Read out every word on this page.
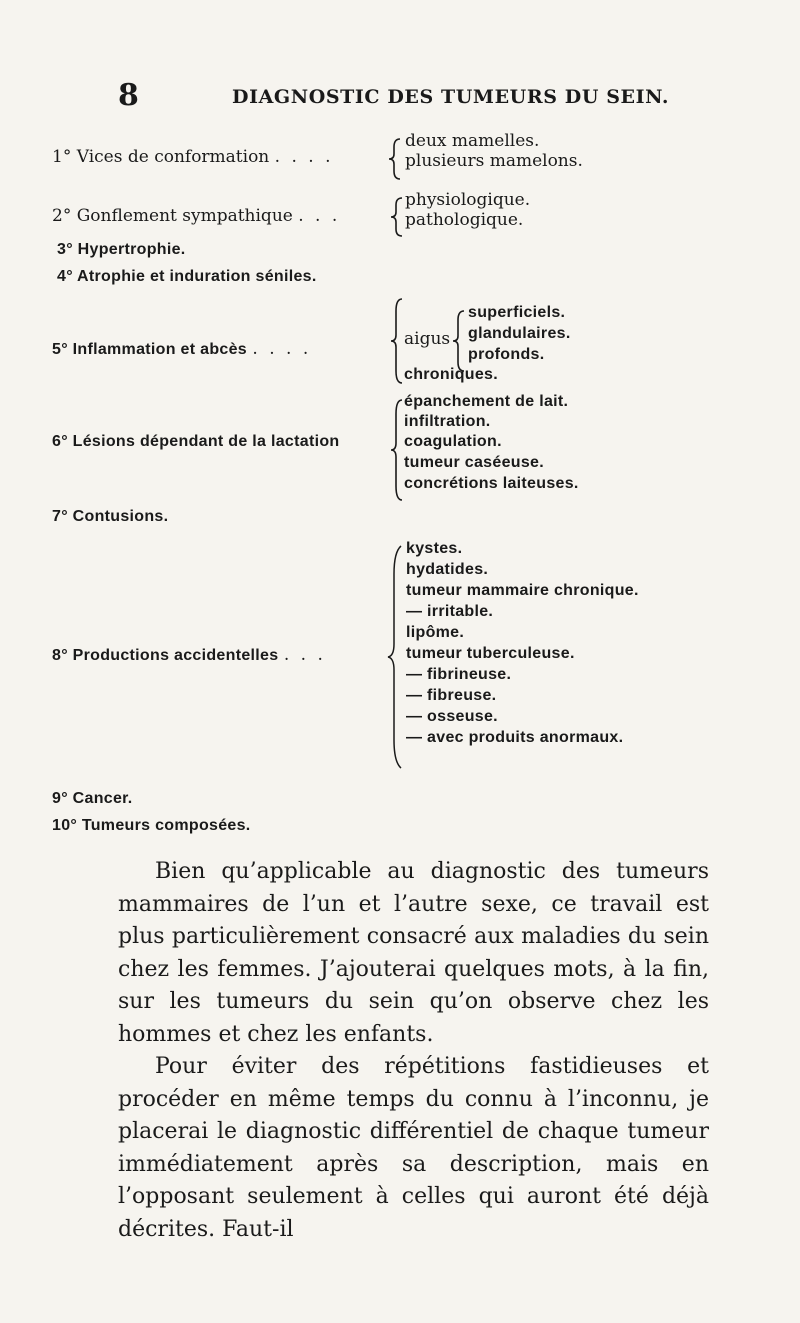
8	DIAGNOSTIC DES TUMEURS DU SEIN.
1° Vices de conformation . . . .
deux mamelles.
plusieurs mamelons.
2° Gonflement sympathique . . .
physiologique.
pathologique.
3° Hypertrophie.
4° Atrophie et induration séniles.
5° Inflammation et abcès . . . .	aigus
superficiels.
glandulaires.
profonds.
chroniques.
6° Lésions dépendant de la lactation
épanchement de lait.
infiltration.
coagulation.
tumeur caséeuse.
concrétions laiteuses.
7° Contusions.
8° Productions accidentelles . . .
kystes.
hydatides.
tumeur mammaire chronique.
— irritable.
lipôme.
tumeur tuberculeuse.
— fibrineuse.
— fibreuse.
— osseuse.
— avec produits anormaux.
9° Cancer.
10° Tumeurs composées.

Bien qu’applicable au diagnostic des tumeurs mammaires de l’un et l’autre sexe, ce travail est plus particulièrement consacré aux maladies du sein chez les femmes. J’ajouterai quelques mots, à la fin, sur les tumeurs du sein qu’on observe chez les hommes et chez les enfants.

Pour éviter des répétitions fastidieuses et procéder en même temps du connu à l’inconnu, je placerai le diagnostic différentiel de chaque tumeur immédiatement après sa description, mais en l’opposant seulement à celles qui auront été déjà décrites. Faut-il
